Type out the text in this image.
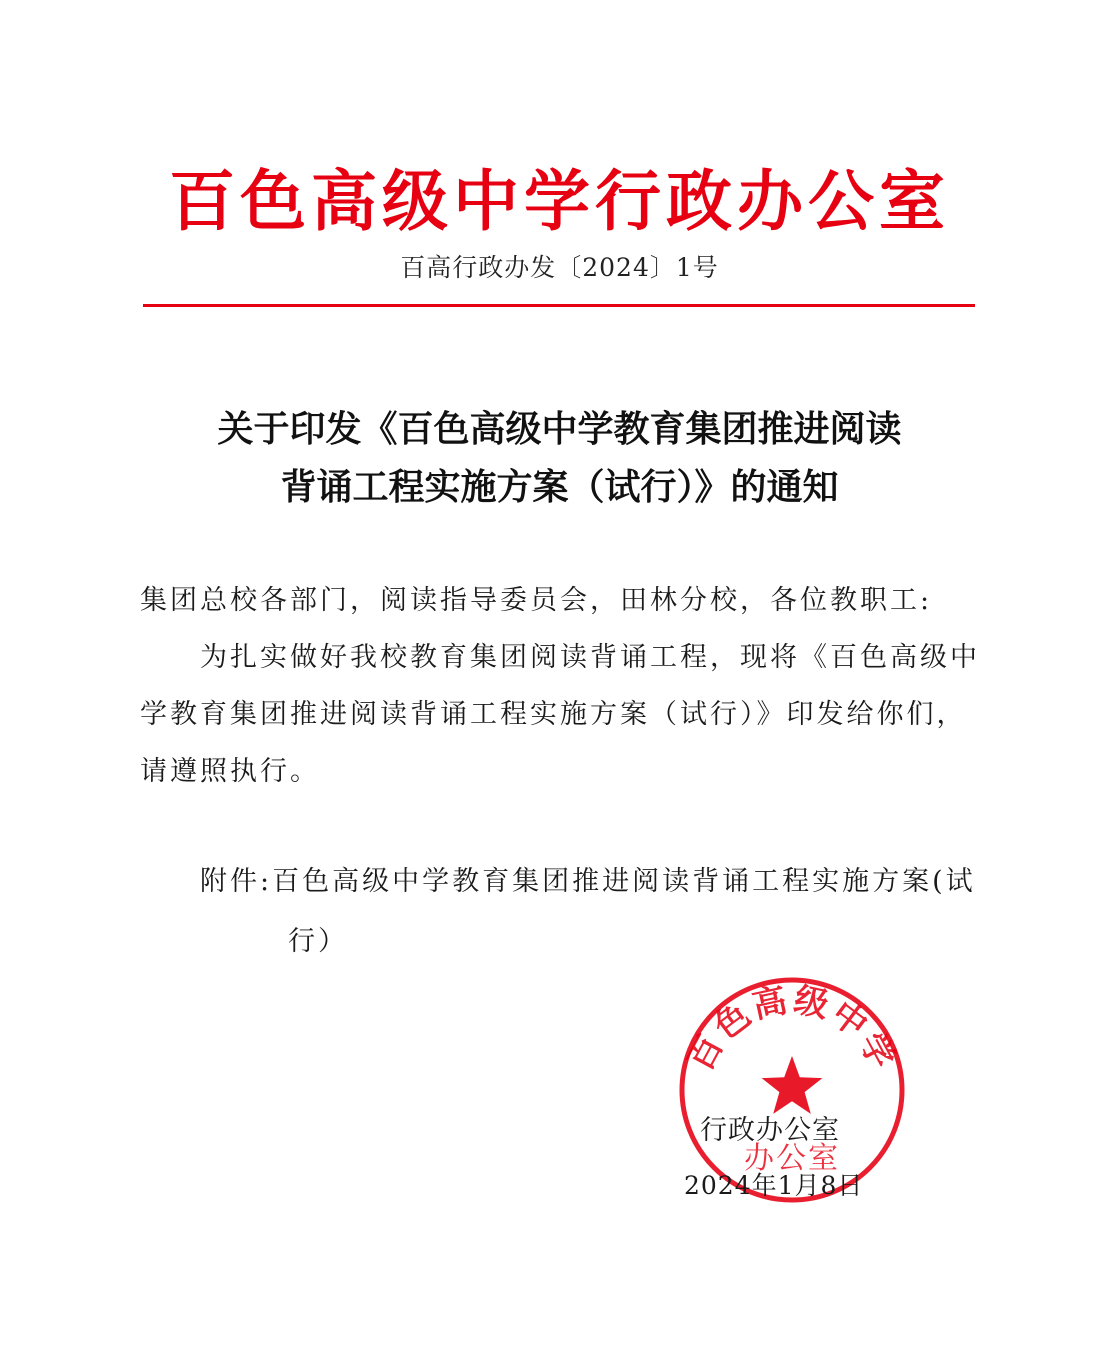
百色高级中学行政办公室
百高行政办发〔2024〕1号
关于印发《百色高级中学教育集团推进阅读
背诵工程实施方案（试行）》的通知

集团总校各部门，阅读指导委员会，田林分校，各位教职工:

为扎实做好我校教育集团阅读背诵工程，现将《百色高级中

学教育集团推进阅读背诵工程实施方案（试行）》印发给你们，

请遵照执行。

附件:百色高级中学教育集团推进阅读背诵工程实施方案(试

行）

百色高级中学
办公室
行政办公室
2024年1月8日
